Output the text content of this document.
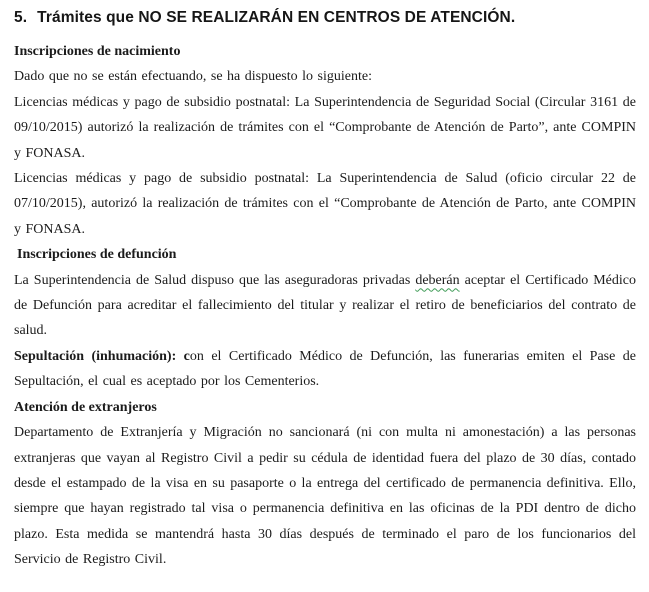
5. Trámites que NO SE REALIZARÁN EN CENTROS DE ATENCIÓN.
Inscripciones de nacimiento

Dado que no se están efectuando, se ha dispuesto lo siguiente:

Licencias médicas y pago de subsidio postnatal: La Superintendencia de Seguridad Social (Circular 3161 de 09/10/2015) autorizó la realización de trámites con el “Comprobante de Atención de Parto”, ante COMPIN y FONASA.

Licencias médicas y pago de subsidio postnatal: La Superintendencia de Salud (oficio circular 22 de 07/10/2015), autorizó la realización de trámites con el “Comprobante de Atención de Parto, ante COMPIN y FONASA.

Inscripciones de defunción

La Superintendencia de Salud dispuso que las aseguradoras privadas deberán aceptar el Certificado Médico de Defunción para acreditar el fallecimiento del titular y realizar el retiro de beneficiarios del contrato de salud.

Sepultación (inhumación): con el Certificado Médico de Defunción, las funerarias emiten el Pase de Sepultación, el cual es aceptado por los Cementerios.

Atención de extranjeros

Departamento de Extranjería y Migración no sancionará (ni con multa ni amonestación) a las personas extranjeras que vayan al Registro Civil a pedir su cédula de identidad fuera del plazo de 30 días, contado desde el estampado de la visa en su pasaporte o la entrega del certificado de permanencia definitiva. Ello, siempre que hayan registrado tal visa o permanencia definitiva en las oficinas de la PDI dentro de dicho plazo. Esta medida se mantendrá hasta 30 días después de terminado el paro de los funcionarios del Servicio de Registro Civil.
